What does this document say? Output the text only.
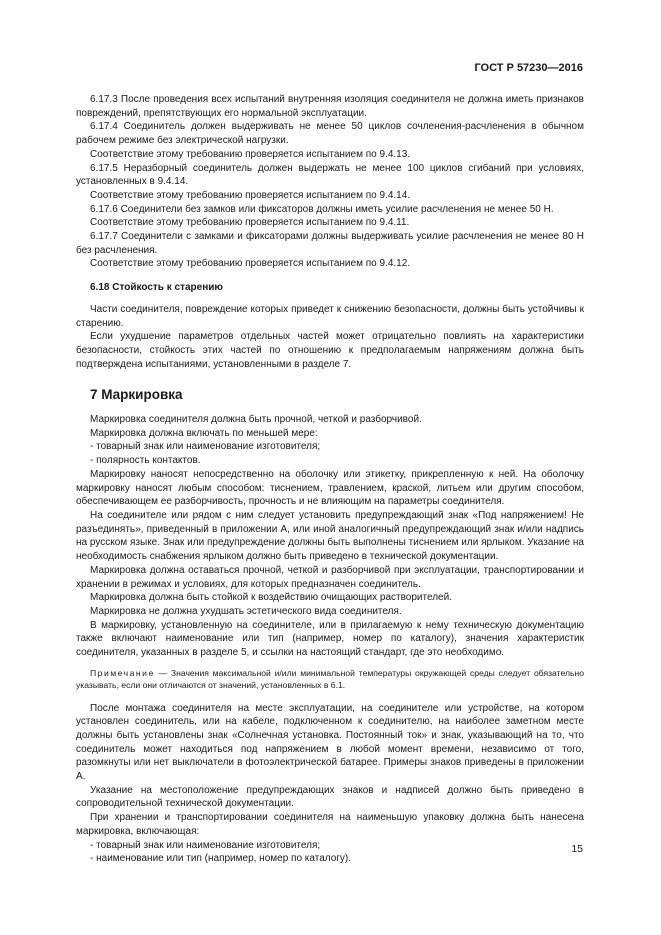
ГОСТ Р 57230—2016

6.17.3 После проведения всех испытаний внутренняя изоляция соединителя не должна иметь признаков повреждений, препятствующих его нормальной эксплуатации.

6.17.4 Соединитель должен выдерживать не менее 50 циклов сочленения-расчленения в обычном рабочем режиме без электрической нагрузки.

Соответствие этому требованию проверяется испытанием по 9.4.13.

6.17.5 Неразборный соединитель должен выдержать не менее 100 циклов сгибаний при условиях, установленных в 9.4.14.

Соответствие этому требованию проверяется испытанием по 9.4.14.

6.17.6 Соединители без замков или фиксаторов должны иметь усилие расчленения не менее 50 Н.

Соответствие этому требованию проверяется испытанием по 9.4.11.

6.17.7 Соединители с замками и фиксаторами должны выдерживать усилие расчленения не менее 80 Н без расчленения.

Соответствие этому требованию проверяется испытанием по 9.4.12.

6.18 Стойкость к старению

Части соединителя, повреждение которых приведет к снижению безопасности, должны быть устойчивы к старению.

Если ухудшение параметров отдельных частей может отрицательно повлиять на характеристики безопасности, стойкость этих частей по отношению к предполагаемым напряжениям должна быть подтверждена испытаниями, установленными в разделе 7.

7 Маркировка

Маркировка соединителя должна быть прочной, четкой и разборчивой.

Маркировка должна включать по меньшей мере:

- товарный знак или наименование изготовителя;

- полярность контактов.

Маркировку наносят непосредственно на оболочку или этикетку, прикрепленную к ней. На оболочку маркировку наносят любым способом: тиснением, травлением, краской, литьем или другим способом, обеспечивающем ее разборчивость, прочность и не влияющим на параметры соединителя.

На соединителе или рядом с ним следует установить предупреждающий знак «Под напряжением! Не разъединять», приведенный в приложении А, или иной аналогичный предупреждающий знак и/или надпись на русском языке. Знак или предупреждение должны быть выполнены тиснением или ярлыком. Указание на необходимость снабжения ярлыком должно быть приведено в технической документации.

Маркировка должна оставаться прочной, четкой и разборчивой при эксплуатации, транспортировании и хранении в режимах и условиях, для которых предназначен соединитель.

Маркировка должна быть стойкой к воздействию очищающих растворителей.

Маркировка не должна ухудшать эстетического вида соединителя.

В маркировку, установленную на соединителе, или в прилагаемую к нему техническую документацию также включают наименование или тип (например, номер по каталогу), значения характеристик соединителя, указанных в разделе 5, и ссылки на настоящий стандарт, где это необходимо.

Примечание — Значения максимальной и/или минимальной температуры окружающей среды следует обязательно указывать, если они отличаются от значений, установленных в 6.1.

После монтажа соединителя на месте эксплуатации, на соединителе или устройстве, на котором установлен соединитель, или на кабеле, подключенном к соединителю, на наиболее заметном месте должны быть установлены знак «Солнечная установка. Постоянный ток» и знак, указывающий на то, что соединитель может находиться под напряжением в любой момент времени, независимо от того, разомкнуты или нет выключатели в фотоэлектрической батарее. Примеры знаков приведены в приложении А.

Указание на местоположение предупреждающих знаков и надписей должно быть приведено в сопроводительной технической документации.

При хранении и транспортировании соединителя на наименьшую упаковку должна быть нанесена маркировка, включающая:

- товарный знак или наименование изготовителя;

- наименование или тип (например, номер по каталогу).

15
